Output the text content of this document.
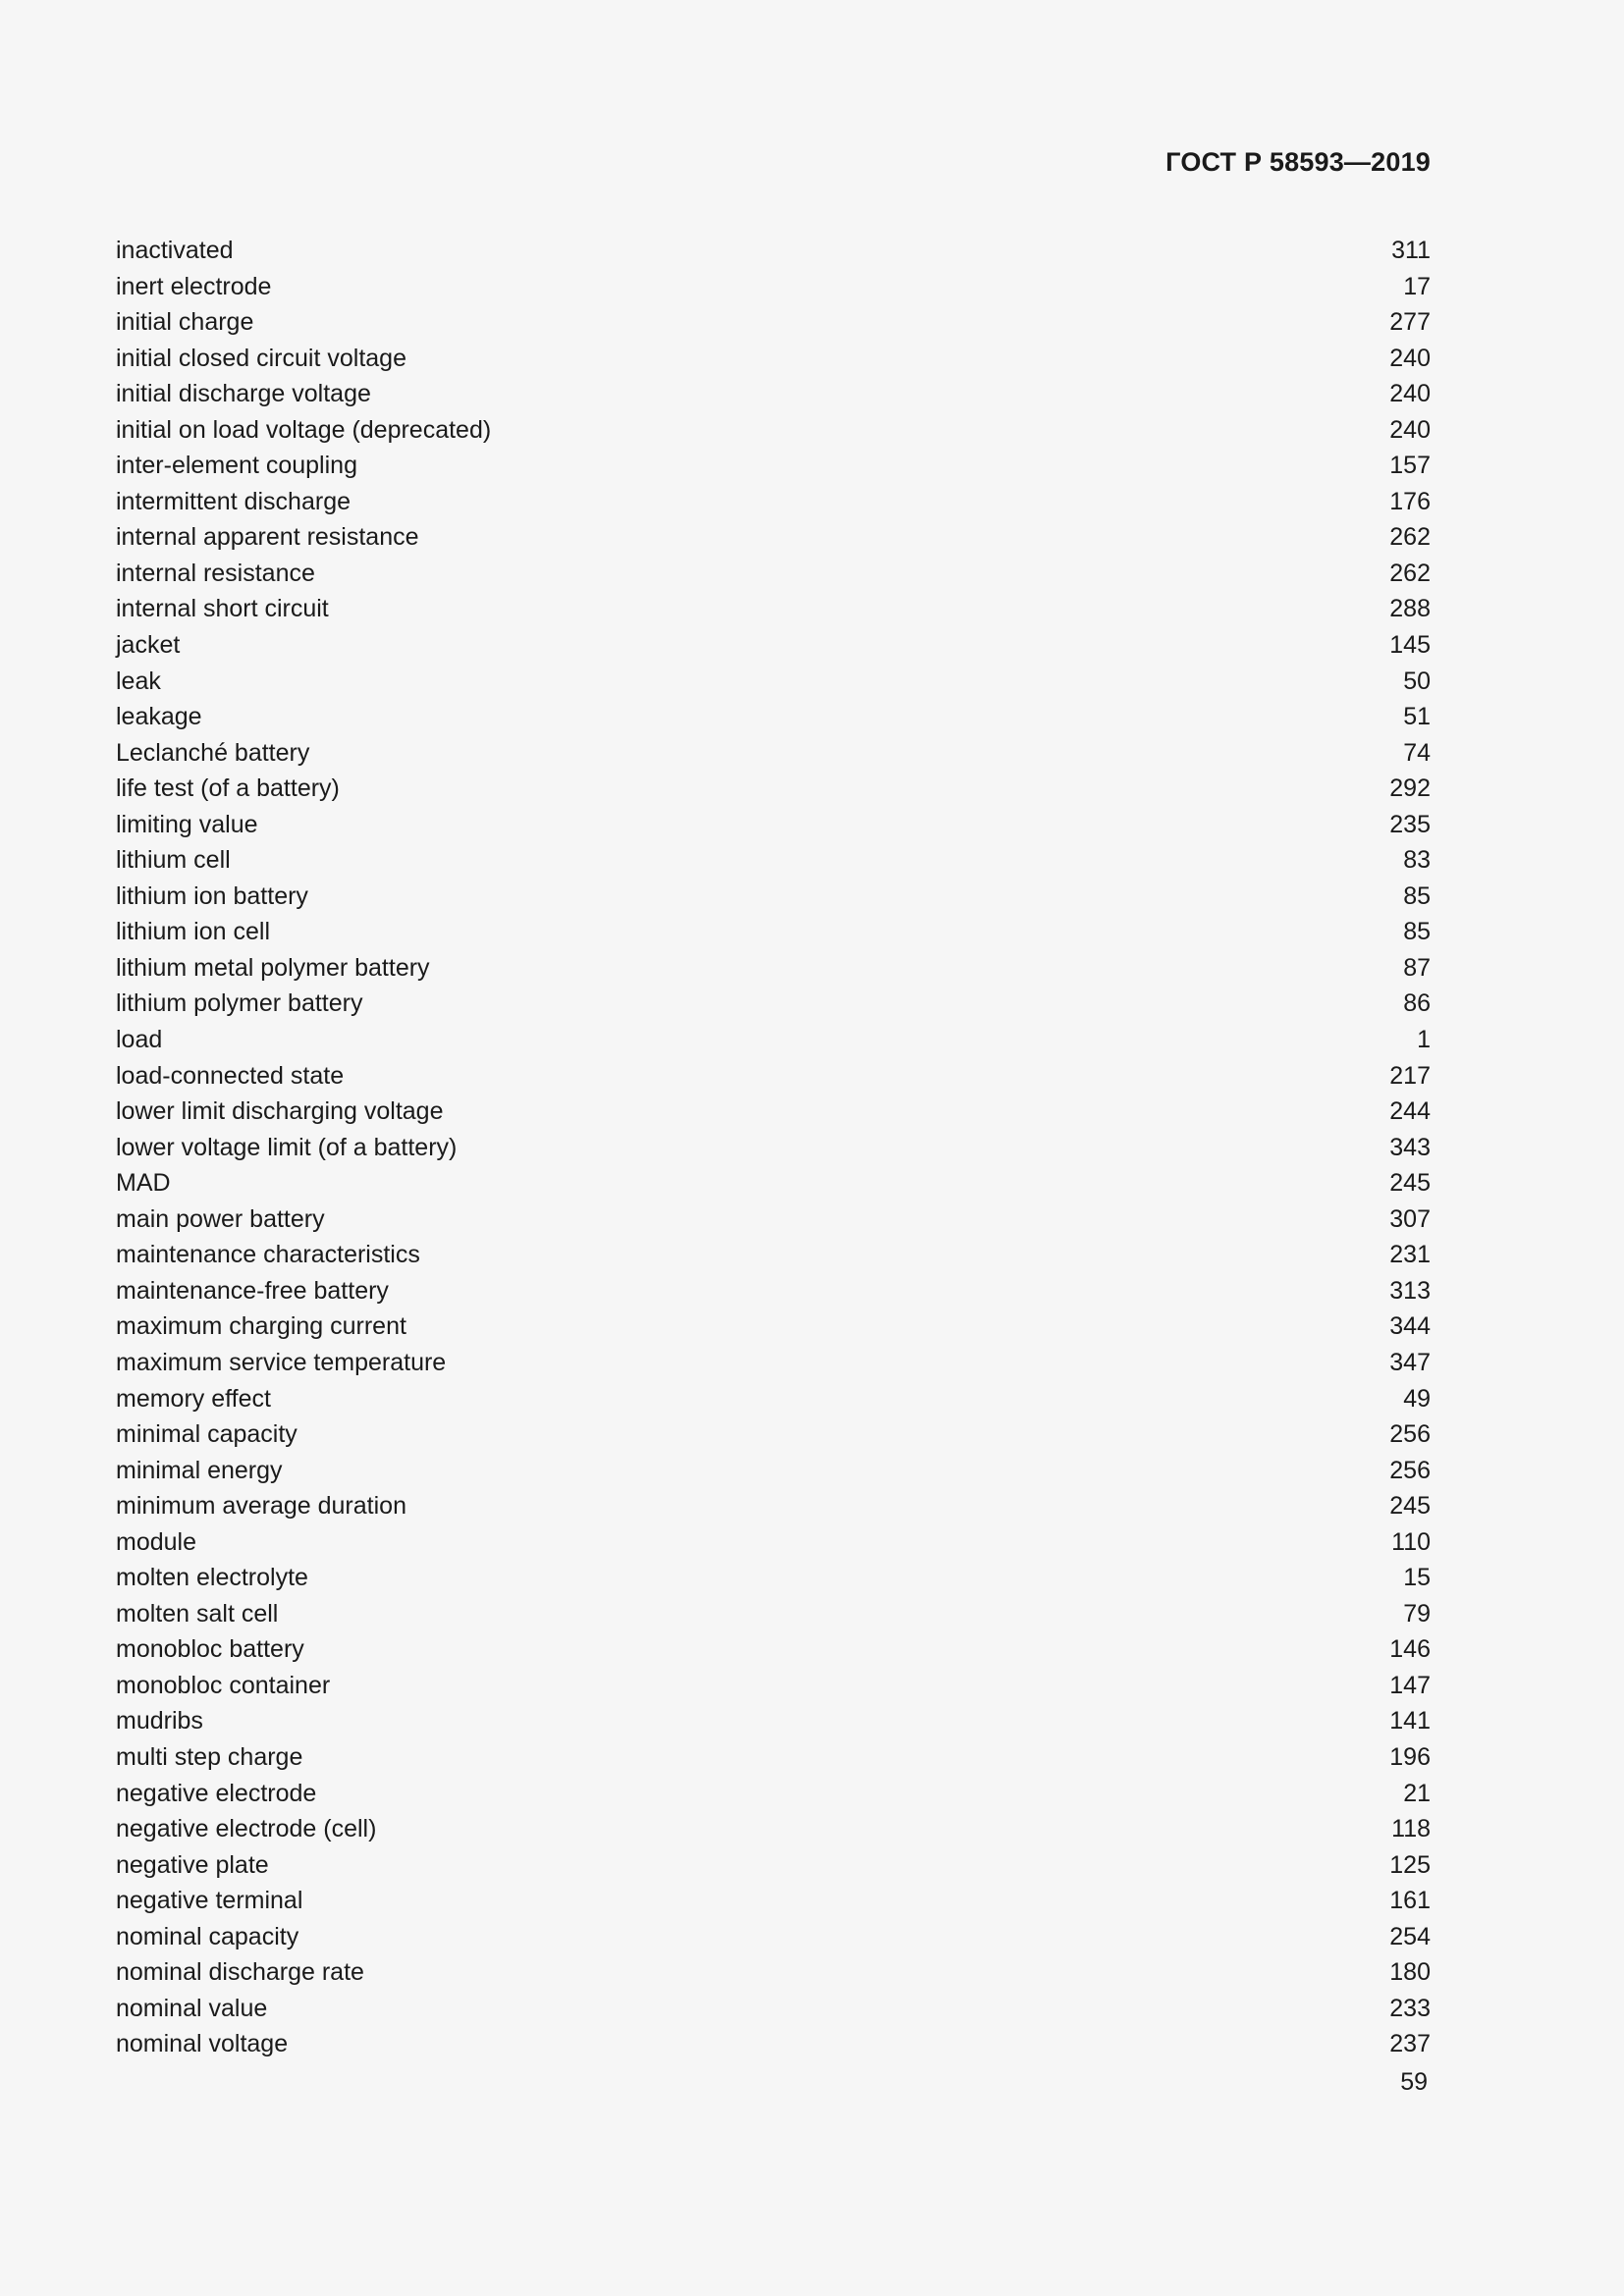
ГОСТ Р 58593—2019
inactivated	311
inert electrode	17
initial charge	277
initial closed circuit voltage	240
initial discharge voltage	240
initial on load voltage (deprecated)	240
inter-element coupling	157
intermittent discharge	176
internal apparent resistance	262
internal resistance	262
internal short circuit	288
jacket	145
leak	50
leakage	51
Leclanché battery	74
life test (of a battery)	292
limiting value	235
lithium cell	83
lithium ion battery	85
lithium ion cell	85
lithium metal polymer battery	87
lithium polymer battery	86
load	1
load-connected state	217
lower limit discharging voltage	244
lower voltage limit (of a battery)	343
MAD	245
main power battery	307
maintenance characteristics	231
maintenance-free battery	313
maximum charging current	344
maximum service temperature	347
memory effect	49
minimal capacity	256
minimal energy	256
minimum average duration	245
module	110
molten electrolyte	15
molten salt cell	79
monobloc battery	146
monobloc container	147
mudribs	141
multi step charge	196
negative electrode	21
negative electrode (cell)	118
negative plate	125
negative terminal	161
nominal capacity	254
nominal discharge rate	180
nominal value	233
nominal voltage	237
59
